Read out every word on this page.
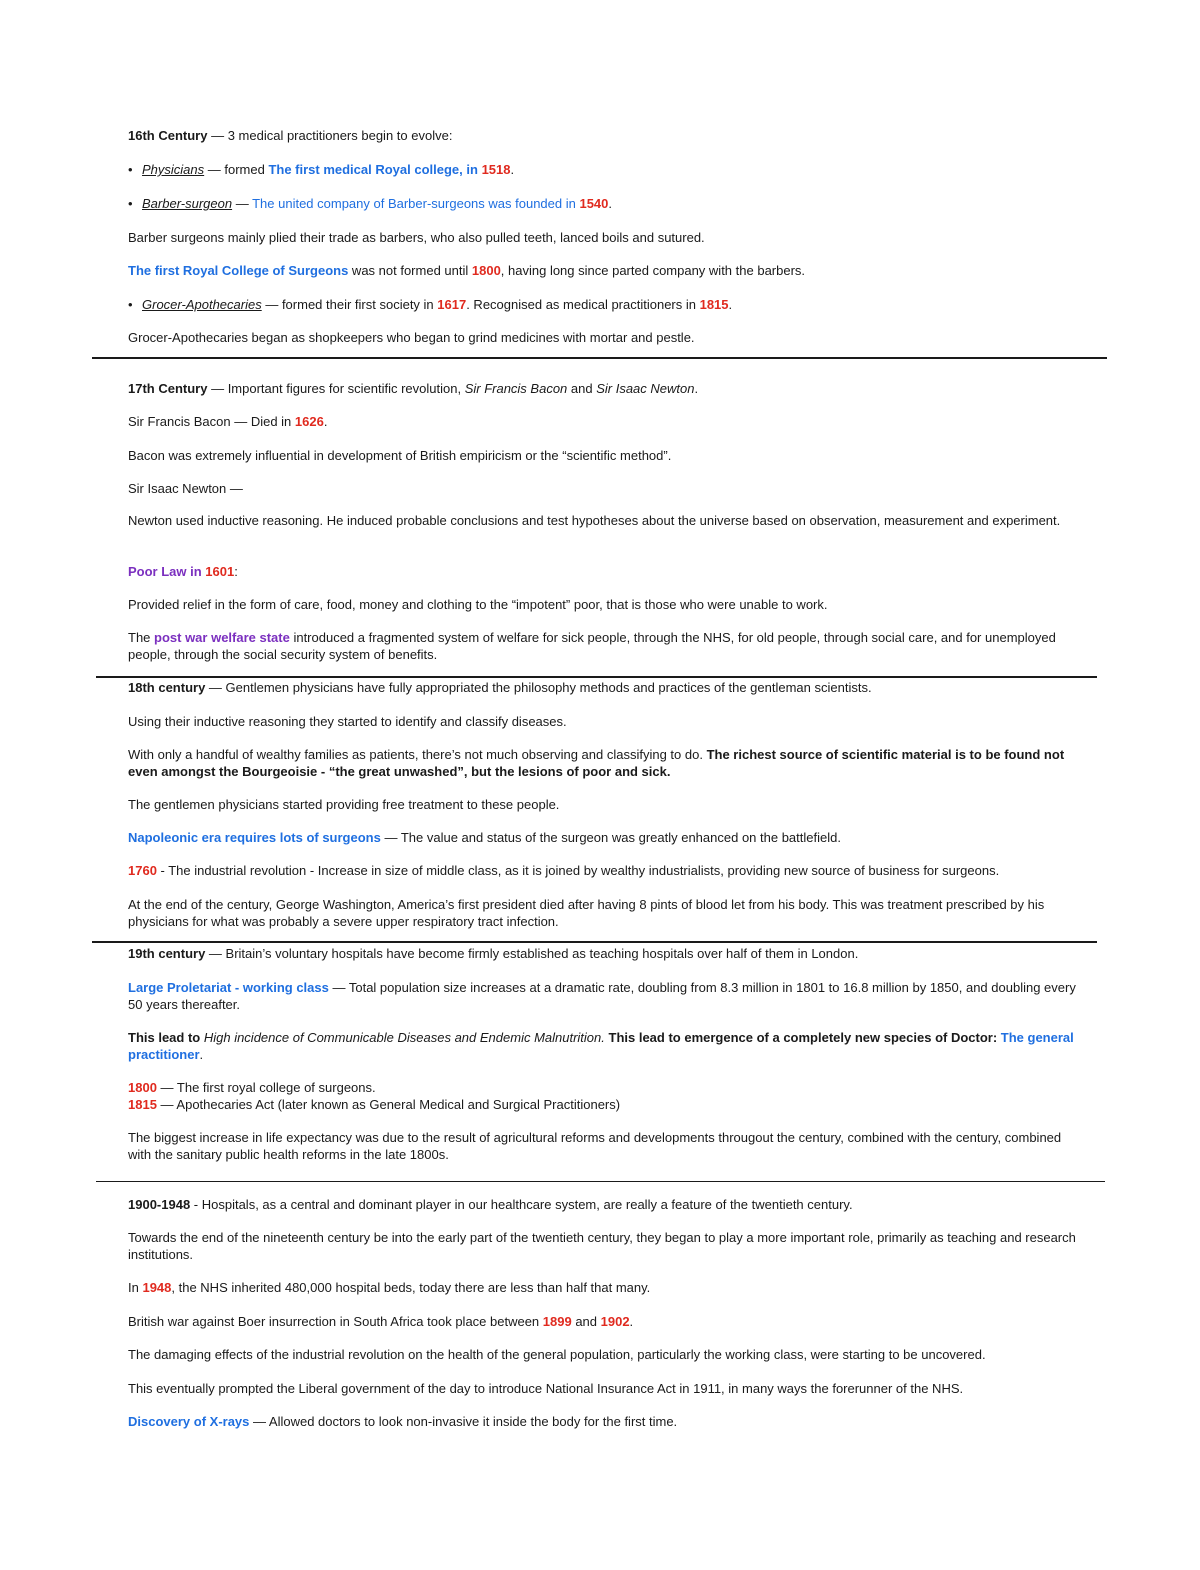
16th Century — 3 medical practitioners begin to evolve:
• Physicians — formed The first medical Royal college, in 1518.
• Barber-surgeon — The united company of Barber-surgeons was founded in 1540.
Barber surgeons mainly plied their trade as barbers, who also pulled teeth, lanced boils and sutured.
The first Royal College of Surgeons was not formed until 1800, having long since parted company with the barbers.
• Grocer-Apothecaries — formed their first society in 1617. Recognised as medical practitioners in 1815.
Grocer-Apothecaries began as shopkeepers who began to grind medicines with mortar and pestle.
17th Century — Important figures for scientific revolution, Sir Francis Bacon and Sir Isaac Newton.
Sir Francis Bacon — Died in 1626.
Bacon was extremely influential in development of British empiricism or the “scientific method”.
Sir Isaac Newton —
Newton used inductive reasoning. He induced probable conclusions and test hypotheses about the universe based on observation, measurement and experiment.
Poor Law in 1601:
Provided relief in the form of care, food, money and clothing to the “impotent” poor, that is those who were unable to work.
The post war welfare state introduced a fragmented system of welfare for sick people, through the NHS, for old people, through social care, and for unemployed people, through the social security system of benefits.
18th century — Gentlemen physicians have fully appropriated the philosophy methods and practices of the gentleman scientists.
Using their inductive reasoning they started to identify and classify diseases.
With only a handful of wealthy families as patients, there’s not much observing and classifying to do. The richest source of scientific material is to be found not even amongst the Bourgeoisie - “the great unwashed”, but the lesions of poor and sick.
The gentlemen physicians started providing free treatment to these people.
Napoleonic era requires lots of surgeons — The value and status of the surgeon was greatly enhanced on the battlefield.
1760 - The industrial revolution - Increase in size of middle class, as it is joined by wealthy industrialists, providing new source of business for surgeons.
At the end of the century, George Washington, America’s first president died after having 8 pints of blood let from his body. This was treatment prescribed by his physicians for what was probably a severe upper respiratory tract infection.
19th century — Britain’s voluntary hospitals have become firmly established as teaching hospitals over half of them in London.
Large Proletariat - working class — Total population size increases at a dramatic rate, doubling from 8.3 million in 1801 to 16.8 million by 1850, and doubling every 50 years thereafter.
This lead to High incidence of Communicable Diseases and Endemic Malnutrition. This lead to emergence of a completely new species of Doctor: The general practitioner.
1800 — The first royal college of surgeons.
1815 — Apothecaries Act (later known as General Medical and Surgical Practitioners)
The biggest increase in life expectancy was due to the result of agricultural reforms and developments througout the century, combined with the century, combined with the sanitary public health reforms in the late 1800s.
1900-1948 - Hospitals, as a central and dominant player in our healthcare system, are really a feature of the twentieth century.
Towards the end of the nineteenth century be into the early part of the twentieth century, they began to play a more important role, primarily as teaching and research institutions.
In 1948, the NHS inherited 480,000 hospital beds, today there are less than half that many.
British war against Boer insurrection in South Africa took place between 1899 and 1902.
The damaging effects of the industrial revolution on the health of the general population, particularly the working class, were starting to be uncovered.
This eventually prompted the Liberal government of the day to introduce National Insurance Act in 1911, in many ways the forerunner of the NHS.
Discovery of X-rays — Allowed doctors to look non-invasive it inside the body for the first time.
